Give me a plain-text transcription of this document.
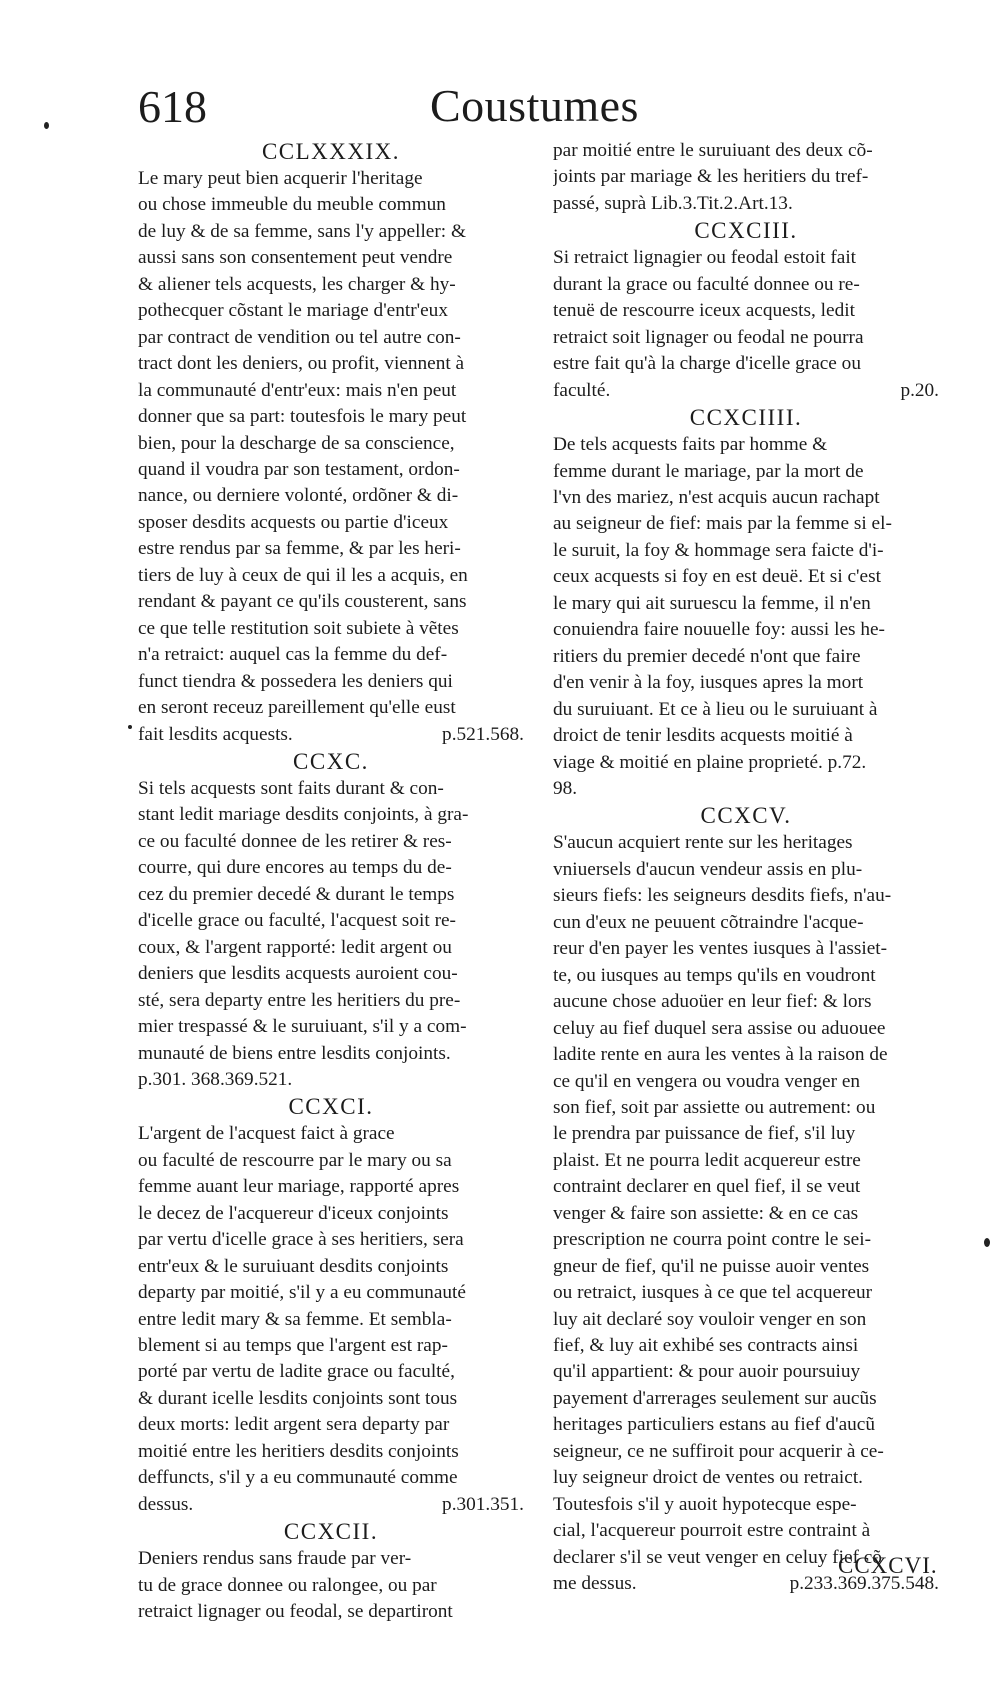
618	Coustumes
CCLXXXIX.
Le mary peut bien acquerir l'heritage
ou chose immeuble du meuble commun
de luy & de sa femme, sans l'y appeller: &
aussi sans son consentement peut vendre
& aliener tels acquests, les charger & hy-
pothecquer cõstant le mariage d'entr'eux
par contract de vendition ou tel autre con-
tract dont les deniers, ou profit, viennent à
la communauté d'entr'eux: mais n'en peut
donner que sa part: toutesfois le mary peut
bien, pour la descharge de sa conscience,
quand il voudra par son testament, ordon-
nance, ou derniere volonté, ordõner & di-
sposer desdits acquests ou partie d'iceux
estre rendus par sa femme, & par les heri-
tiers de luy à ceux de qui il les a acquis, en
rendant & payant ce qu'ils cousterent, sans
ce que telle restitution soit subiete à vẽtes
n'a retraict: auquel cas la femme du def-
funct tiendra & possedera les deniers qui
en seront receuz pareillement qu'elle eust
fait lesdits acquests.	p.521.568.
CCXC.
Si tels acquests sont faits durant & con-
stant ledit mariage desdits conjoints, à gra-
ce ou faculté donnee de les retirer & res-
courre, qui dure encores au temps du de-
cez du premier decedé & durant le temps
d'icelle grace ou faculté, l'acquest soit re-
coux, & l'argent rapporté: ledit argent ou
deniers que lesdits acquests auroient cou-
sté, sera departy entre les heritiers du pre-
mier trespassé & le suruiuant, s'il y a com-
munauté de biens entre lesdits conjoints.
p.301. 368.369.521.
CCXCI.
L'argent de l'acquest faict à grace
ou faculté de rescourre par le mary ou sa
femme auant leur mariage, rapporté apres
le decez de l'acquereur d'iceux conjoints
par vertu d'icelle grace à ses heritiers, sera
entr'eux & le suruiuant desdits conjoints
departy par moitié, s'il y a eu communauté
entre ledit mary & sa femme. Et sembla-
blement si au temps que l'argent est rap-
porté par vertu de ladite grace ou faculté,
& durant icelle lesdits conjoints sont tous
deux morts: ledit argent sera departy par
moitié entre les heritiers desdits conjoints
deffuncts, s'il y a eu communauté comme
dessus.	p.301.351.
CCXCII.
Deniers rendus sans fraude par ver-
tu de grace donnee ou ralongee, ou par
retraict lignager ou feodal, se departiront
par moitié entre le suruiuant des deux cõ-
joints par mariage & les heritiers du tref-
passé, suprà Lib.3.Tit.2.Art.13.
CCXCIII.
Si retraict lignagier ou feodal estoit fait
durant la grace ou faculté donnee ou re-
tenuë de rescourre iceux acquests, ledit
retraict soit lignager ou feodal ne pourra
estre fait qu'à la charge d'icelle grace ou
faculté.	p.20.
CCXCIIII.
De tels acquests faits par homme &
femme durant le mariage, par la mort de
l'vn des mariez, n'est acquis aucun rachapt
au seigneur de fief: mais par la femme si el-
le suruit, la foy & hommage sera faicte d'i-
ceux acquests si foy en est deuë. Et si c'est
le mary qui ait suruescu la femme, il n'en
conuiendra faire nouuelle foy: aussi les he-
ritiers du premier decedé n'ont que faire
d'en venir à la foy, iusques apres la mort
du suruiuant. Et ce à lieu ou le suruiuant à
droict de tenir lesdits acquests moitié à
viage & moitié en plaine proprieté. p.72.
98.
CCXCV.
S'aucun acquiert rente sur les heritages
vniuersels d'aucun vendeur assis en plu-
sieurs fiefs: les seigneurs desdits fiefs, n'au-
cun d'eux ne peuuent cõtraindre l'acque-
reur d'en payer les ventes iusques à l'assiet-
te, ou iusques au temps qu'ils en voudront
aucune chose aduoüer en leur fief: & lors
celuy au fief duquel sera assise ou aduouee
ladite rente en aura les ventes à la raison de
ce qu'il en vengera ou voudra venger en
son fief, soit par assiette ou autrement: ou
le prendra par puissance de fief, s'il luy
plaist. Et ne pourra ledit acquereur estre
contraint declarer en quel fief, il se veut
venger & faire son assiette: & en ce cas
prescription ne courra point contre le sei-
gneur de fief, qu'il ne puisse auoir ventes
ou retraict, iusques à ce que tel acquereur
luy ait declaré soy vouloir venger en son
fief, & luy ait exhibé ses contracts ainsi
qu'il appartient: & pour auoir poursuiuy
payement d'arrerages seulement sur aucũs
heritages particuliers estans au fief d'aucũ
seigneur, ce ne suffiroit pour acquerir à ce-
luy seigneur droict de ventes ou retraict.
Toutesfois s'il y auoit hypotecque espe-
cial, l'acquereur pourroit estre contraint à
declarer s'il se veut venger en celuy fief cõ
me dessus.	p.233.369.375.548.
CCXCVI.
